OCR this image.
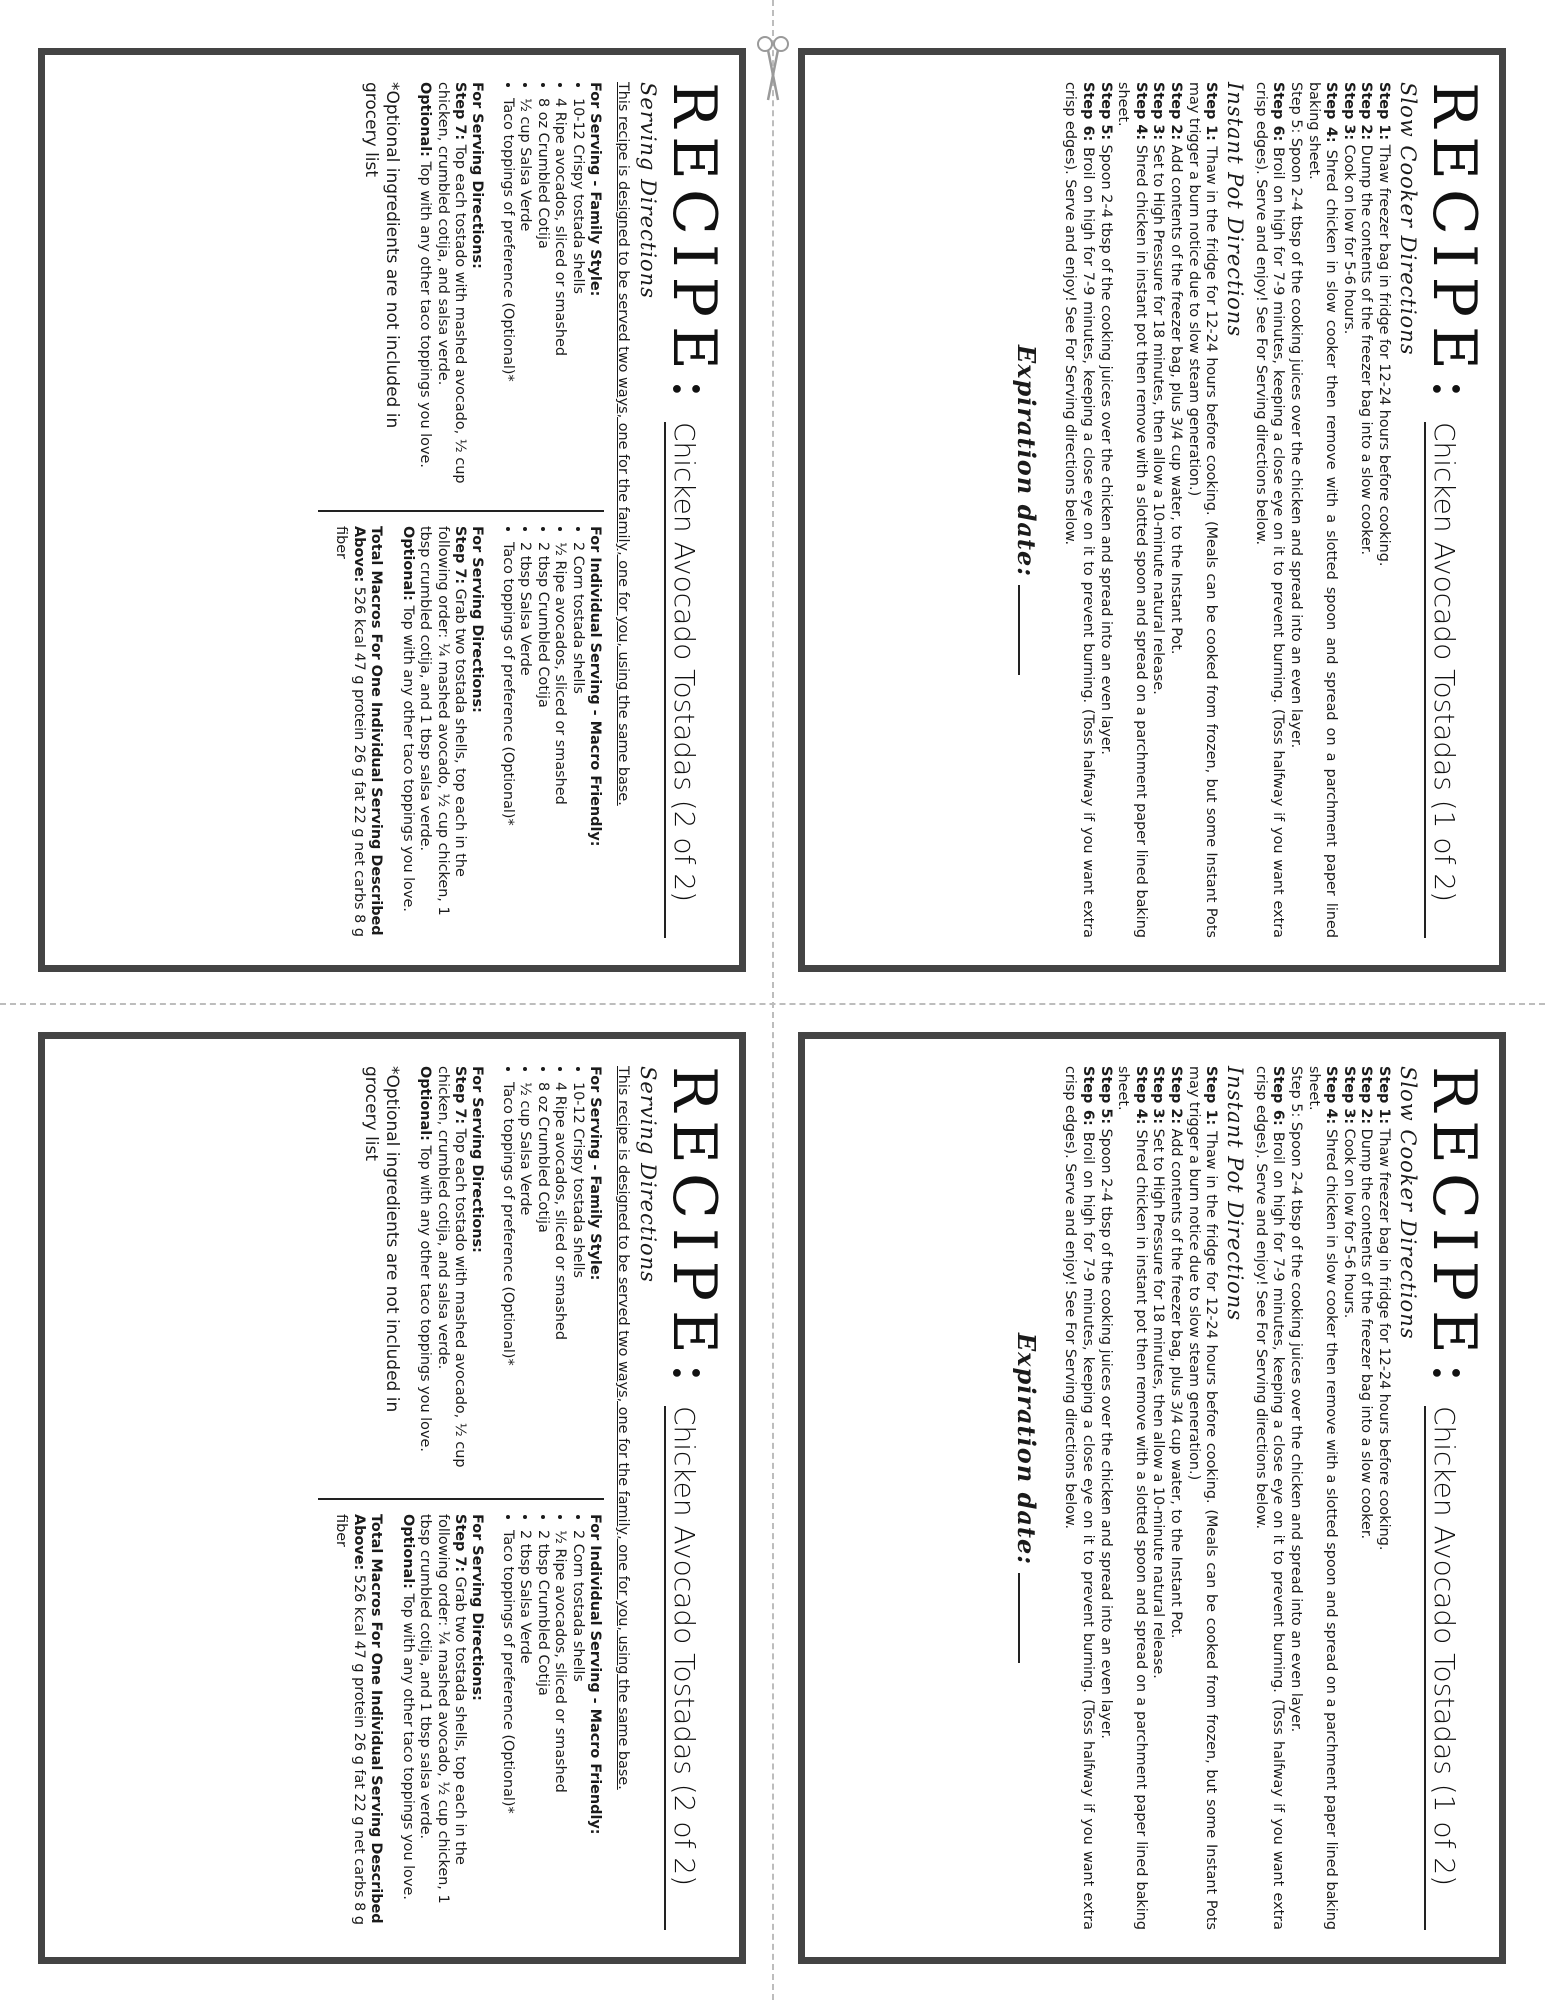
RECIPE:
Chicken Avocado Tostadas (2 of 2)
Serving Directions
This recipe is designed to be served two ways, one for the family, one for you, using the same base.
For Serving - Family Style:
• 10-12 Crispy tostada shells
• 4 Ripe avocados, sliced or smashed
• 8 oz Crumbled Cotija
• ½ cup Salsa Verde
• Taco toppings of preference (Optional)*
For Serving Directions:

Step 7: Top each tostado with mashed avocado, ½ cup chicken, crumbled cotija, and salsa verde.

Optional: Top with any other taco toppings you love.

*Optional ingredients are not included in grocery list
For Individual Serving - Macro Friendly:
• 2 Corn tostada shells
• ½ Ripe avocados, sliced or smashed
• 2 tbsp Crumbled Cotija
• 2 tbsp Salsa Verde
• Taco toppings of preference (Optional)*
For Serving Directions:

Step 7: Grab two tostada shells, top each in the following order: ¼ mashed avocado, ½ cup chicken, 1 tbsp crumbled cotija, and 1 tbsp salsa verde.

Optional: Top with any other taco toppings you love.

Total Macros For One Individual Serving Described Above: 526 kcal 47 g protein 26 g fat 22 g net carbs 8 g fiber

RECIPE:
Chicken Avocado Tostadas (1 of 2)
Slow Cooker Directions

Step 1: Thaw freezer bag in fridge for 12-24 hours before cooking.

Step 2: Dump the contents of the freezer bag into a slow cooker.

Step 3: Cook on low for 5-6 hours.

Step 4: Shred chicken in slow cooker then remove with a slotted spoon and spread on a parchment paper lined baking sheet.

Step 5: Spoon 2-4 tbsp of the cooking juices over the chicken and spread into an even layer.

Step 6: Broil on high for 7-9 minutes, keeping a close eye on it to prevent burning. (Toss halfway if you want extra crisp edges). Serve and enjoy! See For Serving directions below.

Instant Pot Directions

Step 1: Thaw in the fridge for 12-24 hours before cooking. (Meals can be cooked from frozen, but some Instant Pots may trigger a burn notice due to slow steam generation.)

Step 2: Add contents of the freezer bag, plus 3/4 cup water, to the Instant Pot.

Step 3: Set to High Pressure for 18 minutes, then allow a 10-minute natural release.

Step 4: Shred chicken in instant pot then remove with a slotted spoon and spread on a parchment paper lined baking sheet.

Step 5: Spoon 2-4 tbsp of the cooking juices over the chicken and spread into an even layer.

Step 6: Broil on high for 7-9 minutes, keeping a close eye on it to prevent burning. (Toss halfway if you want extra crisp edges). Serve and enjoy! See For Serving directions below.

Expiration date:
RECIPE:
Chicken Avocado Tostadas (2 of 2)
Serving Directions
This recipe is designed to be served two ways, one for the family, one for you, using the same base.
For Serving - Family Style:
• 10-12 Crispy tostada shells
• 4 Ripe avocados, sliced or smashed
• 8 oz Crumbled Cotija
• ½ cup Salsa Verde
• Taco toppings of preference (Optional)*
For Serving Directions:

Step 7: Top each tostado with mashed avocado, ½ cup chicken, crumbled cotija, and salsa verde.

Optional: Top with any other taco toppings you love.

*Optional ingredients are not included in grocery list
For Individual Serving - Macro Friendly:
• 2 Corn tostada shells
• ½ Ripe avocados, sliced or smashed
• 2 tbsp Crumbled Cotija
• 2 tbsp Salsa Verde
• Taco toppings of preference (Optional)*
For Serving Directions:

Step 7: Grab two tostada shells, top each in the following order: ¼ mashed avocado, ½ cup chicken, 1 tbsp crumbled cotija, and 1 tbsp salsa verde.

Optional: Top with any other taco toppings you love.

Total Macros For One Individual Serving Described Above: 526 kcal 47 g protein 26 g fat 22 g net carbs 8 g fiber

RECIPE:
Chicken Avocado Tostadas (1 of 2)
Slow Cooker Directions

Step 1: Thaw freezer bag in fridge for 12-24 hours before cooking.

Step 2: Dump the contents of the freezer bag into a slow cooker.

Step 3: Cook on low for 5-6 hours.

Step 4: Shred chicken in slow cooker then remove with a slotted spoon and spread on a parchment paper lined baking sheet.

Step 5: Spoon 2-4 tbsp of the cooking juices over the chicken and spread into an even layer.

Step 6: Broil on high for 7-9 minutes, keeping a close eye on it to prevent burning. (Toss halfway if you want extra crisp edges). Serve and enjoy! See For Serving directions below.

Instant Pot Directions

Step 1: Thaw in the fridge for 12-24 hours before cooking. (Meals can be cooked from frozen, but some Instant Pots may trigger a burn notice due to slow steam generation.)

Step 2: Add contents of the freezer bag, plus 3/4 cup water, to the Instant Pot.

Step 3: Set to High Pressure for 18 minutes, then allow a 10-minute natural release.

Step 4: Shred chicken in instant pot then remove with a slotted spoon and spread on a parchment paper lined baking sheet.

Step 5: Spoon 2-4 tbsp of the cooking juices over the chicken and spread into an even layer.

Step 6: Broil on high for 7-9 minutes, keeping a close eye on it to prevent burning. (Toss halfway if you want extra crisp edges). Serve and enjoy! See For Serving directions below.

Expiration date:
